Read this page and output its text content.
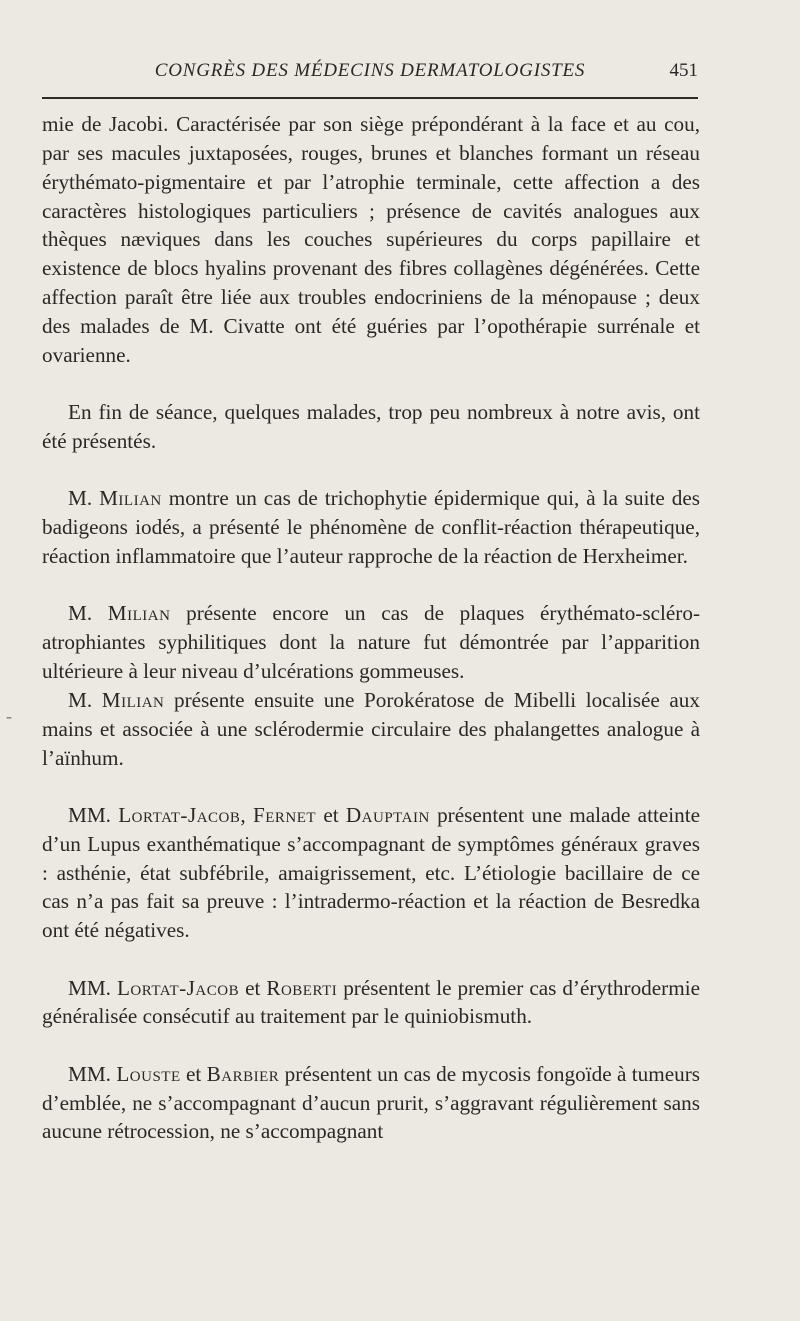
CONGRÈS DES MÉDECINS DERMATOLOGISTES	451
-

mie de Jacobi. Caractérisée par son siège prépondérant à la face et au cou, par ses macules juxtaposées, rouges, brunes et blanches formant un réseau érythémato-pigmentaire et par l’atrophie terminale, cette affection a des caractères histologiques particuliers ; présence de cavités analogues aux thèques næviques dans les couches supérieures du corps papillaire et existence de blocs hyalins provenant des fibres collagènes dégénérées. Cette affection paraît être liée aux troubles endocriniens de la ménopause ; deux des malades de M. Civatte ont été guéries par l’opothérapie surrénale et ovarienne.

En fin de séance, quelques malades, trop peu nombreux à notre avis, ont été présentés.

M. Milian montre un cas de trichophytie épidermique qui, à la suite des badigeons iodés, a présenté le phénomène de conflit-réaction thérapeutique, réaction inflammatoire que l’auteur rapproche de la réaction de Herxheimer.

M. Milian présente encore un cas de plaques érythémato-scléro-atrophiantes syphilitiques dont la nature fut démontrée par l’apparition ultérieure à leur niveau d’ulcérations gommeuses.

M. Milian présente ensuite une Porokératose de Mibelli localisée aux mains et associée à une sclérodermie circulaire des phalangettes analogue à l’aïnhum.

MM. Lortat-Jacob, Fernet et Dauptain présentent une malade atteinte d’un Lupus exanthématique s’accompagnant de symptômes généraux graves : asthénie, état subfébrile, amaigrissement, etc. L’étiologie bacillaire de ce cas n’a pas fait sa preuve : l’intradermo-réaction et la réaction de Besredka ont été négatives.

MM. Lortat-Jacob et Roberti présentent le premier cas d’érythrodermie généralisée consécutif au traitement par le quiniobismuth.

MM. Louste et Barbier présentent un cas de mycosis fongoïde à tumeurs d’emblée, ne s’accompagnant d’aucun prurit, s’aggravant régulièrement sans aucune rétrocession, ne s’accompagnant
